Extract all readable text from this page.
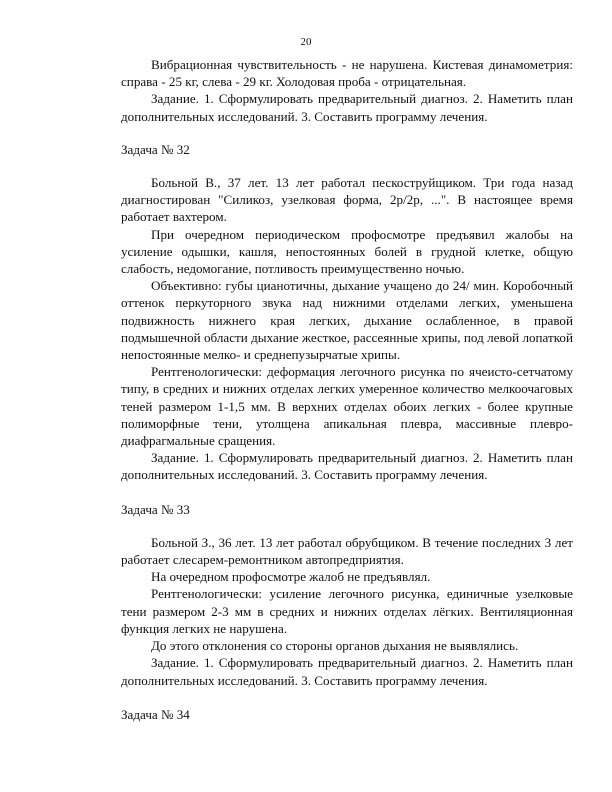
20

Вибрационная чувствительность - не нарушена. Кистевая динамометрия: справа - 25 кг, слева - 29 кг. Холодовая проба - отрицательная.

Задание. 1. Сформулировать предварительный диагноз. 2. Наметить план дополнительных исследований. 3. Составить программу лечения.

Задача № 32

Больной В., 37 лет. 13 лет работал пескоструйщиком. Три года назад диагностирован "Силикоз, узелковая форма, 2р/2р, ...". В настоящее время работает вахтером.

При очередном периодическом профосмотре предъявил жалобы на усиление одышки, кашля, непостоянных болей в грудной клетке, общую слабость, недомогание, потливость преимущественно ночью.

Объективно: губы цианотичны, дыхание учащено до 24/ мин. Коробочный оттенок перкуторного звука над нижними отделами легких, уменьшена подвижность нижнего края легких, дыхание ослабленное, в правой подмышечной области дыхание жесткое, рассеянные хрипы, под левой лопаткой непостоянные мелко- и среднепузырчатые хрипы.

Рентгенологически: деформация легочного рисунка по ячеисто-сетчатому типу, в средних и нижних отделах легких умеренное количество мелкоочаговых теней размером 1-1,5 мм. В верхних отделах обоих легких - более крупные полиморфные тени, утолщена апикальная плевра, массивные плевро-диафрагмальные сращения.

Задание. 1. Сформулировать предварительный диагноз. 2. Наметить план дополнительных исследований. 3. Составить программу лечения.

Задача № 33

Больной З., 36 лет. 13 лет работал обрубщиком. В течение последних 3 лет работает слесарем-ремонтником автопредприятия.

На очередном профосмотре жалоб не предъявлял.

Рентгенологически: усиление легочного рисунка, единичные узелковые тени размером 2-3 мм в средних и нижних отделах лёгких. Вентиляционная функция легких не нарушена.

До этого отклонения со стороны органов дыхания не выявлялись.

Задание. 1. Сформулировать предварительный диагноз. 2. Наметить план дополнительных исследований. 3. Составить программу лечения.

Задача № 34
